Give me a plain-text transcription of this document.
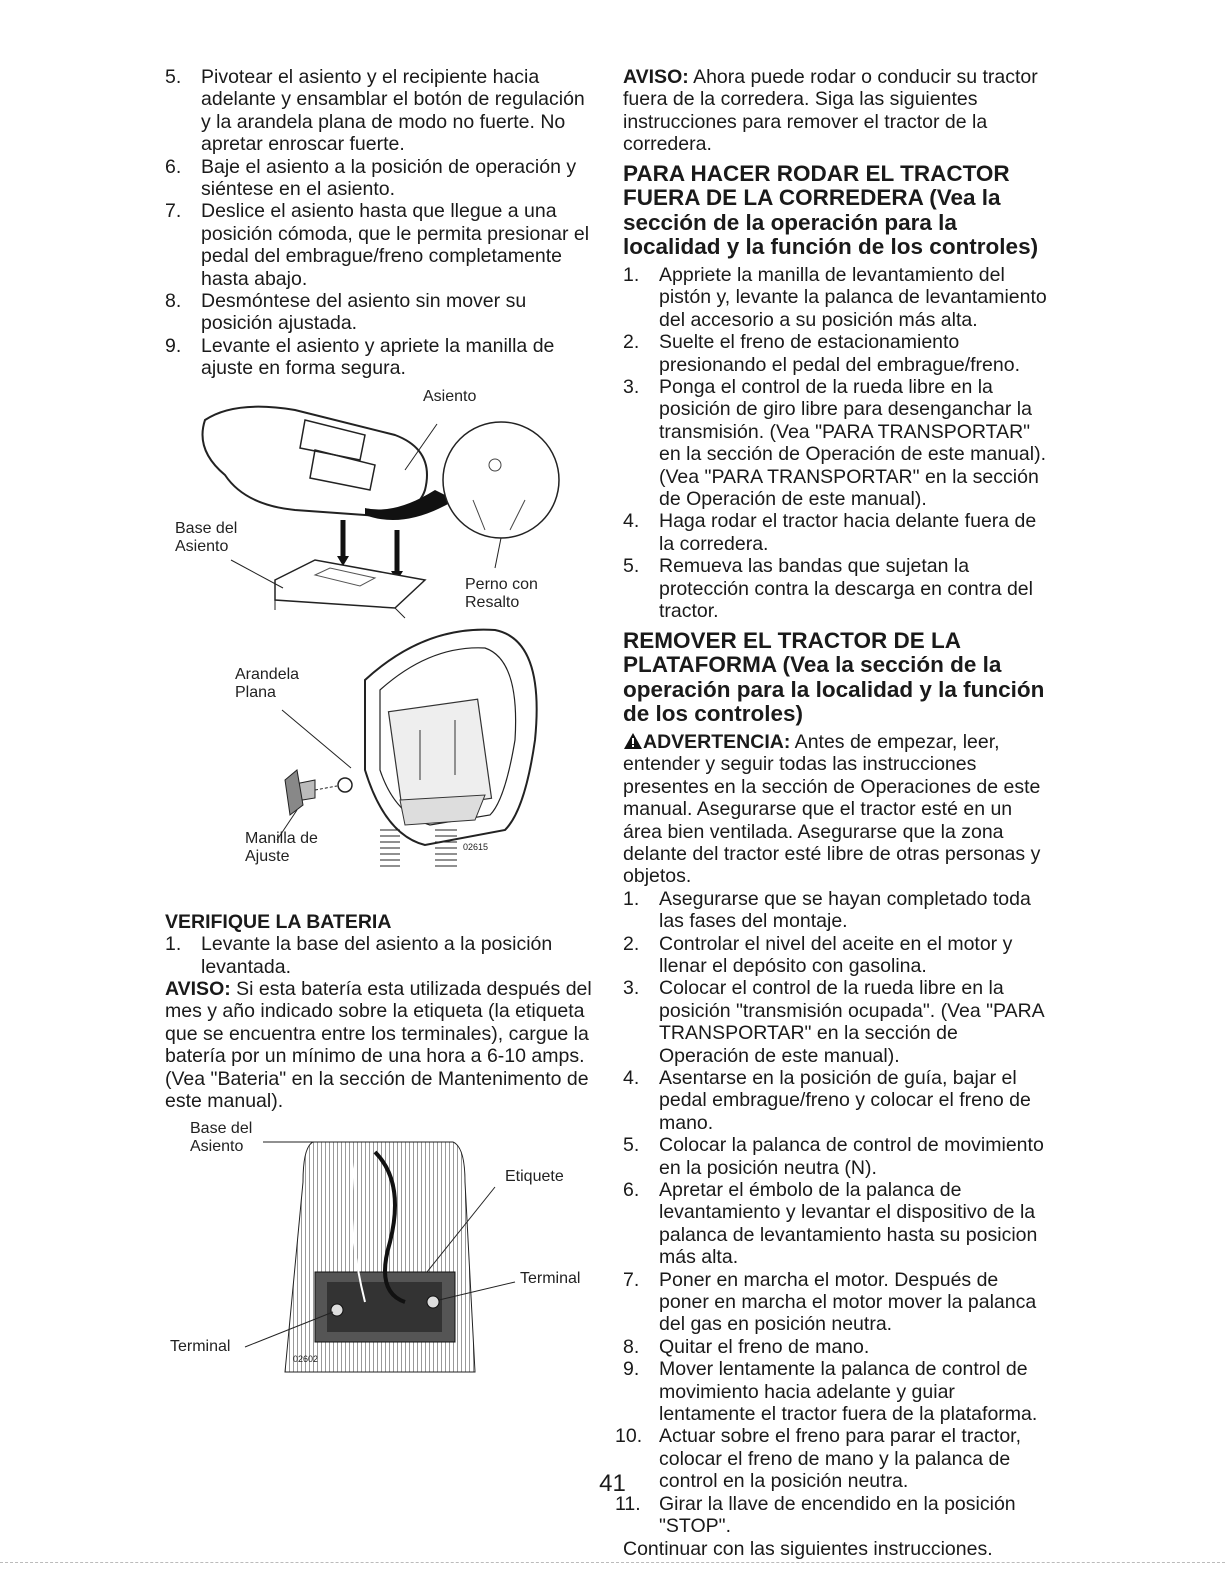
5.	Pivotear el asiento y el recipiente hacia adelante y ensamblar el botón de regulación y la arandela plana de modo no fuerte. No apretar enroscar fuerte.
6.	Baje el asiento a la posición de operación y siéntese en el asiento.
7.	Deslice el asiento hasta que llegue a una posición cómoda, que le permita presionar el pedal del embrague/freno completamente hasta abajo.
8.	Desmóntese del asiento sin mover su posición ajustada.
9.	Levante el asiento y apriete la manilla de ajuste en forma segura.
Asiento
Base del Asiento
Perno con Resalto
Arandela Plana
Manilla de Ajuste
02615
VERIFIQUE LA BATERIA
1.	Levante la base del asiento a la posición levantada.

AVISO: Si esta batería esta utilizada después del mes y año indicado sobre la etiqueta (la etiqueta que se encuentra entre los terminales), cargue la batería por un mínimo de una hora a 6-10 amps. (Vea "Bateria" en la sección de Mantenimento de este manual).

Base del Asiento
Etiquete
Terminal
Terminal
02602

AVISO: Ahora puede rodar o conducir su tractor fuera de la corredera. Siga las siguientes instrucciones para remover el tractor de la corredera.

PARA HACER RODAR EL TRACTOR FUERA DE LA CORREDERA (Vea la sección de la operación para la localidad y la función de los controles)
1.	Appriete la manilla de levantamiento del pistón y, levante la palanca de levantamiento del accesorio a su posición más alta.
2.	Suelte el freno de estacionamiento presionando el pedal del embrague/freno.
3.	Ponga el control de la rueda libre en la posición de giro libre para desenganchar la transmisión. (Vea "PARA TRANSPORTAR" en la sección de Operación de este manual). (Vea "PARA TRANSPORTAR" en la sección de Operación de este manual).
4.	Haga rodar el tractor hacia delante fuera de la corredera.
5.	Remueva las bandas que sujetan la protección contra la descarga en contra del tractor.
REMOVER EL TRACTOR DE LA PLATAFORMA (Vea la sección de la operación para la localidad y la función de los controles)

ADVERTENCIA: Antes de empezar, leer, entender y seguir todas las instrucciones presentes en la sección de Operaciones de este manual. Asegurarse que el tractor esté en un área bien ventilada. Asegurarse que la zona delante del tractor esté libre de otras personas y objetos.

1.	Asegurarse que se hayan completado toda las fases del montaje.
2.	Controlar el nivel del aceite en el motor y llenar el depósito con gasolina.
3.	Colocar el control de la rueda libre en la posición "transmisión ocupada". (Vea "PARA TRANSPORTAR" en la sección de Operación de este manual).
4.	Asentarse en la posición de guía, bajar el pedal embrague/freno y colocar el freno de mano.
5.	Colocar la palanca de control de movimiento en la posición neutra (N).
6.	Apretar el émbolo de la palanca de levantamiento y levantar el dispositivo de la palanca de levantamiento hasta su posicion más alta.
7.	Poner en marcha el motor. Después de poner en marcha el motor mover la palanca del gas en posición neutra.
8.	Quitar el freno de mano.
9.	Mover lentamente la palanca de control de movimiento hacia adelante y guiar lentamente el tractor fuera de la plataforma.
10. Actuar sobre el freno para parar el tractor, colocar el freno de mano y la palanca de control en la posición neutra.
11. Girar la llave de encendido en la posición "STOP".

Continuar con las siguientes instrucciones.

41
